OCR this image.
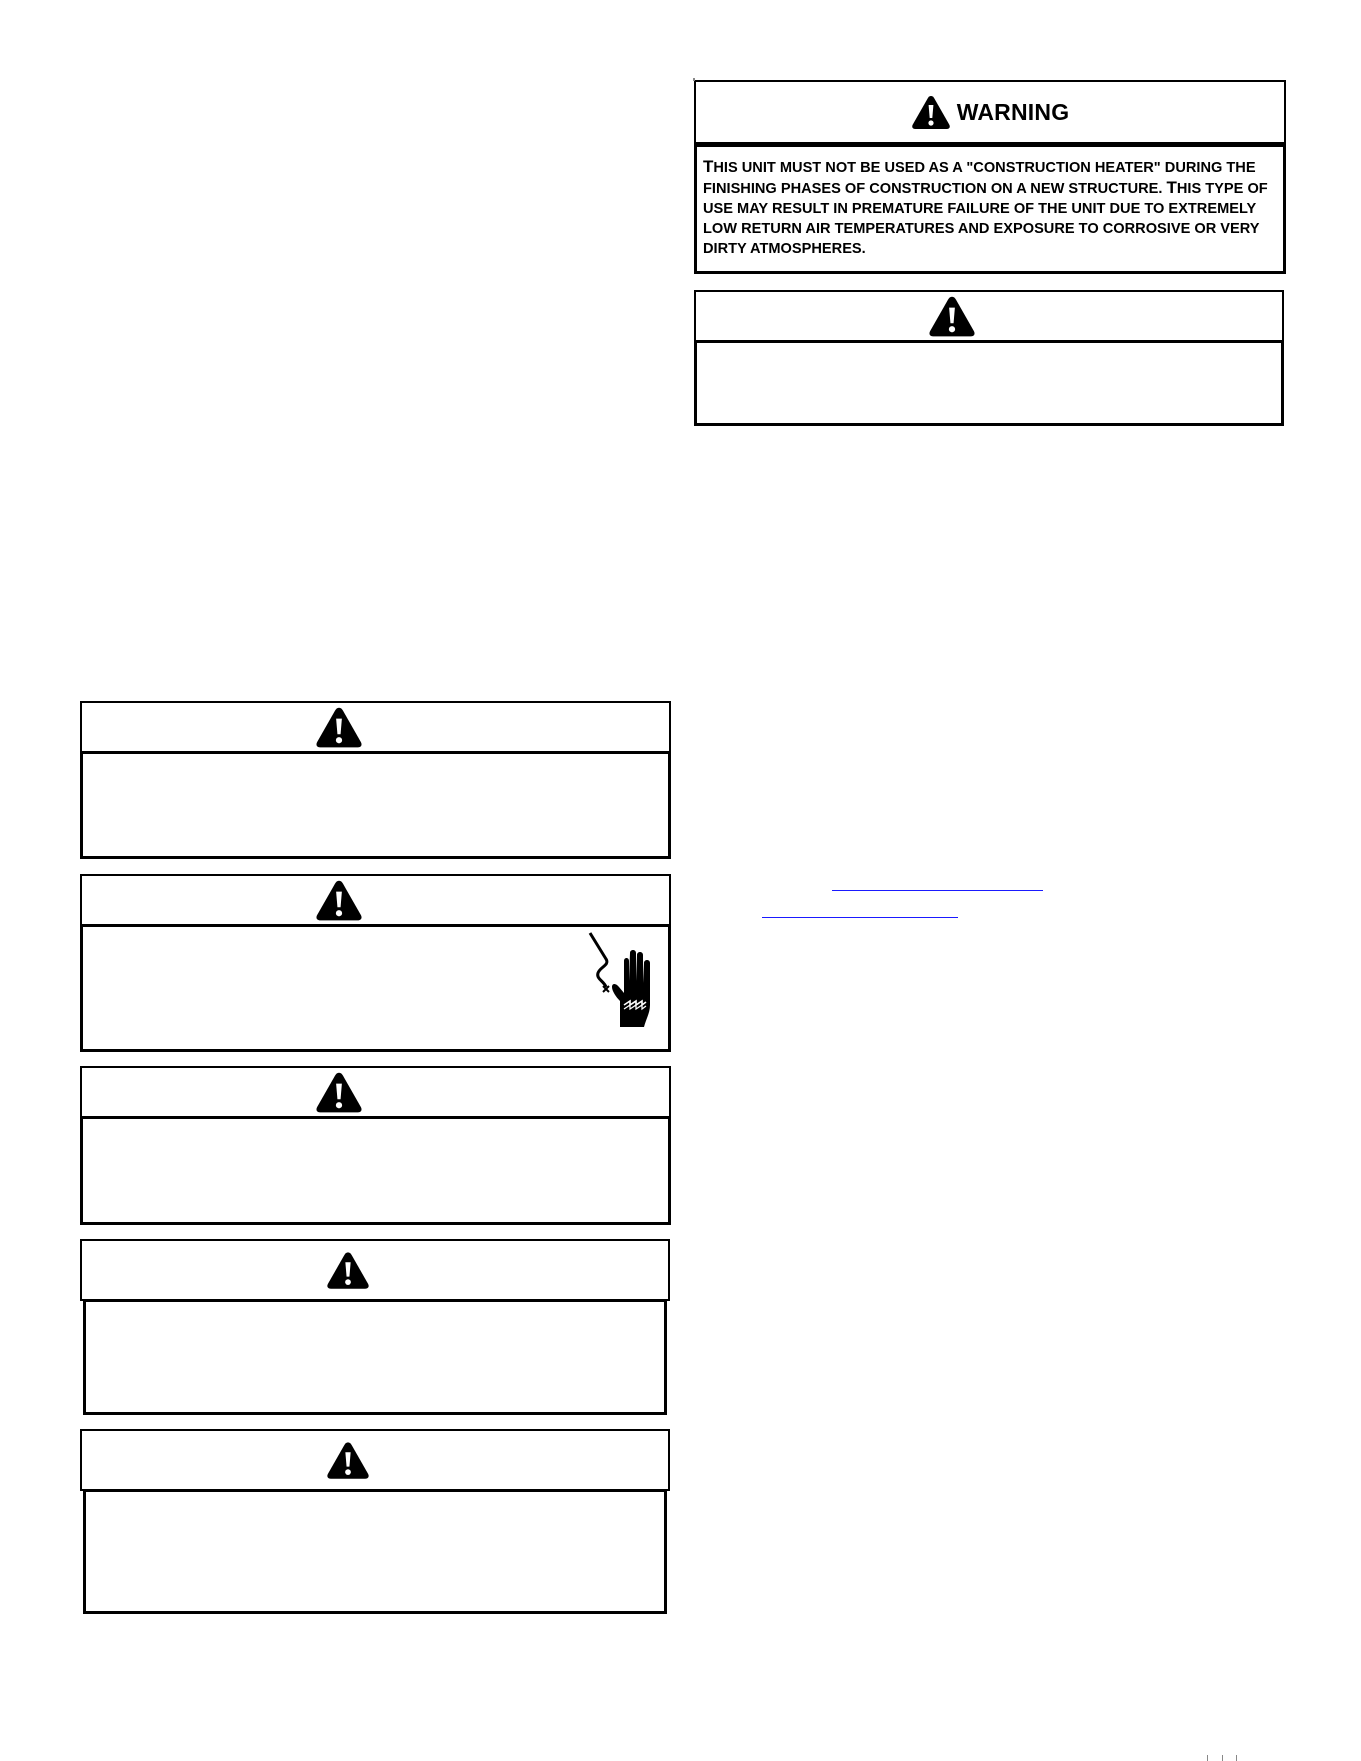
WARNING

THIS UNIT MUST NOT BE USED AS A "CONSTRUCTION HEATER" DURING THE
FINISHING PHASES OF CONSTRUCTION ON A NEW STRUCTURE. THIS TYPE OF
USE MAY RESULT IN PREMATURE FAILURE OF THE UNIT DUE TO EXTREMELY
LOW RETURN AIR TEMPERATURES AND EXPOSURE TO CORROSIVE OR VERY
DIRTY ATMOSPHERES.
